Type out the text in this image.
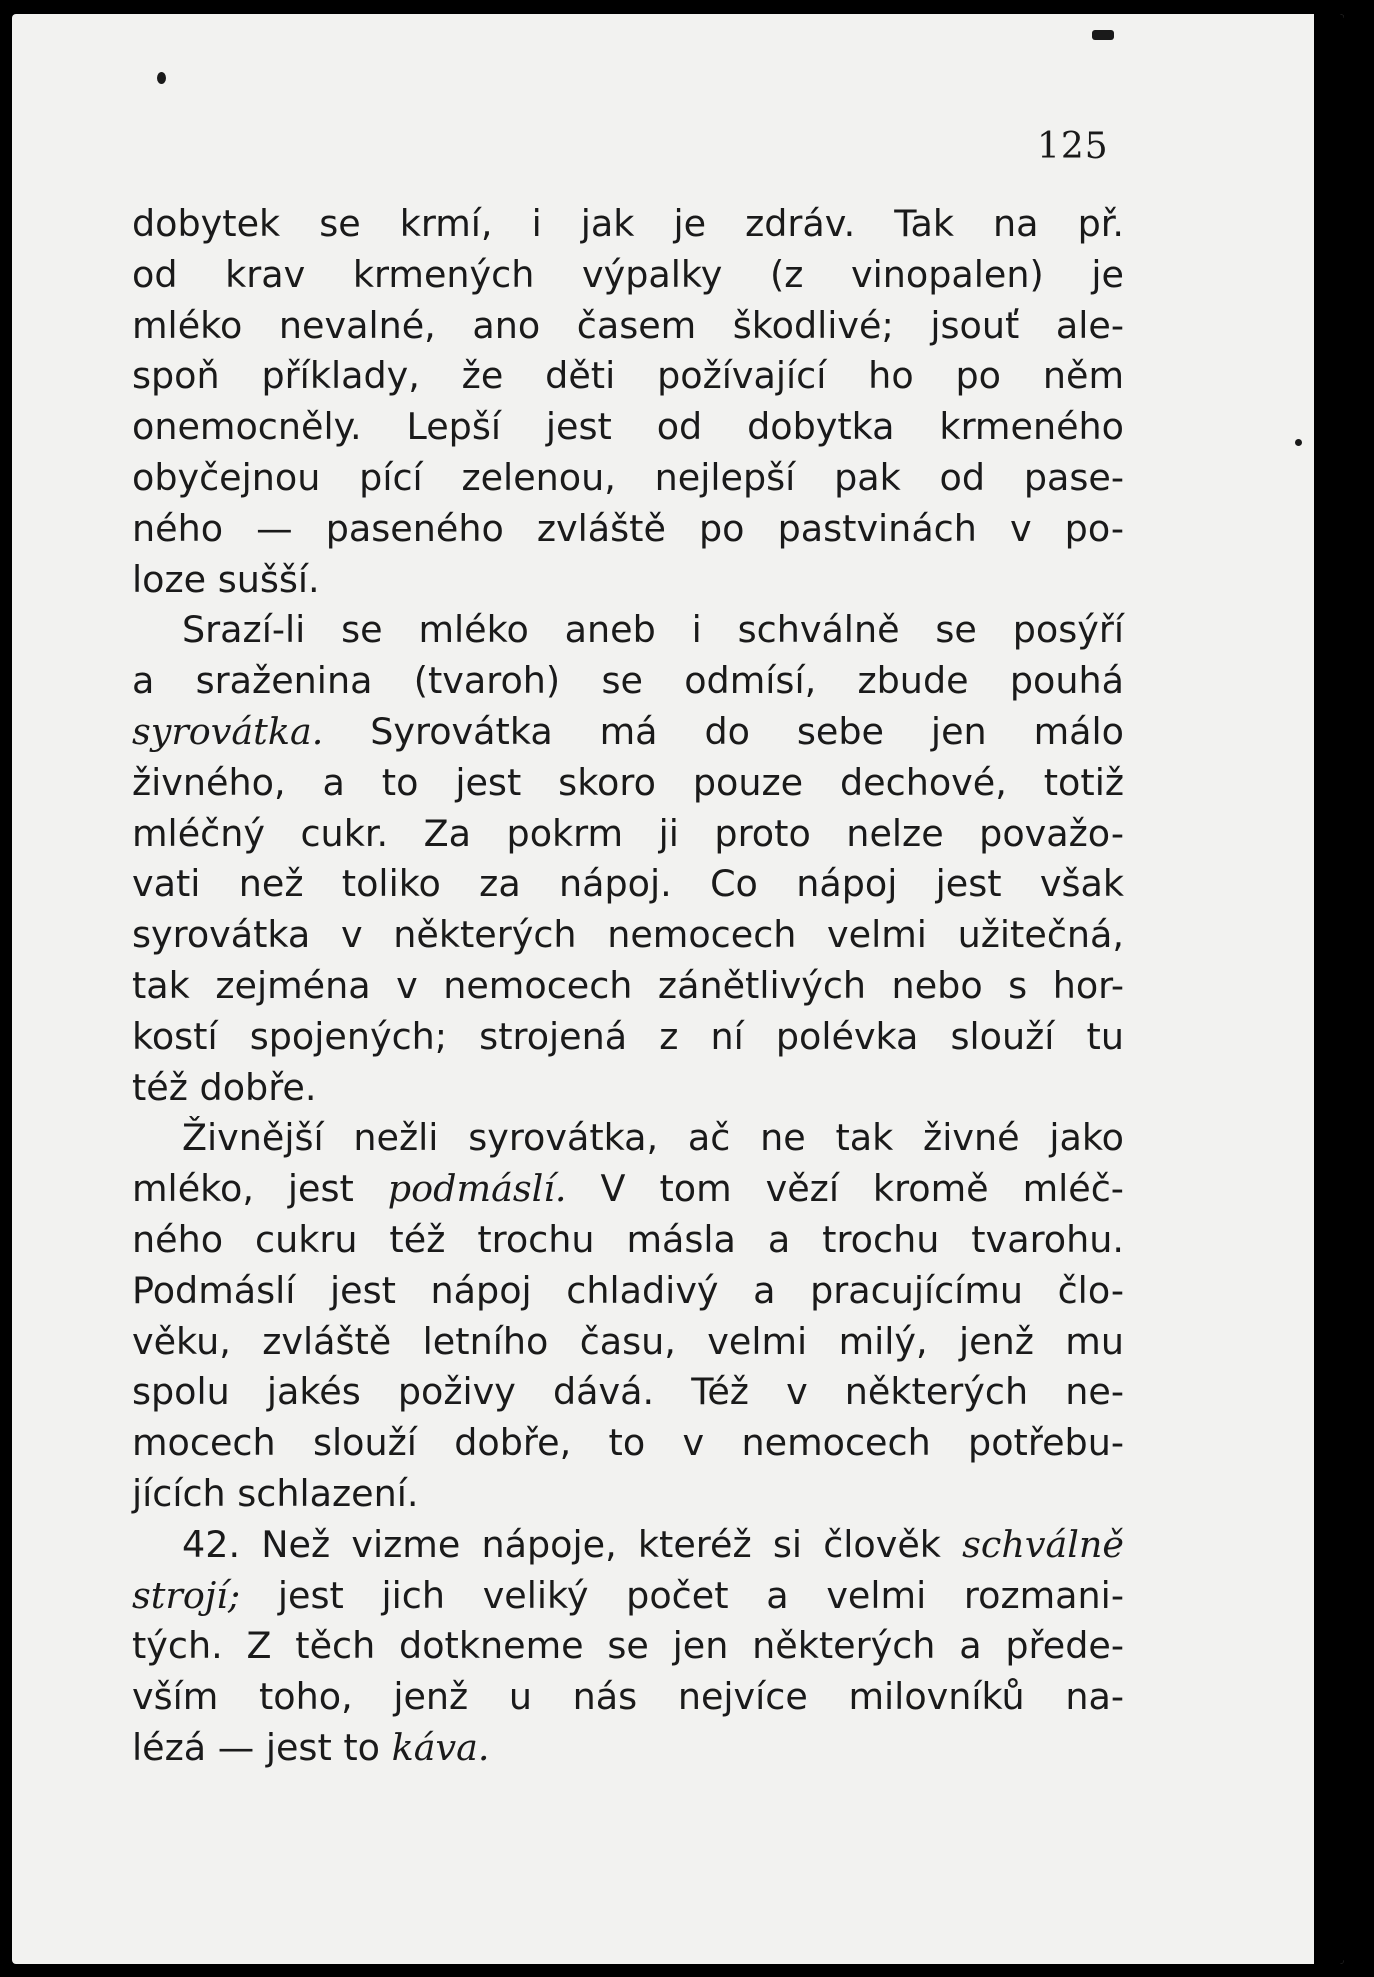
125
dobytek se krmí, i jak je zdráv. Tak na př.
od krav krmených výpalky (z vinopalen) je
mléko nevalné, ano časem škodlivé; jsouť ale-
spoň příklady, že děti požívající ho po něm
onemocněly. Lepší jest od dobytka krmeného
obyčejnou pící zelenou, nejlepší pak od pase-
ného — paseného zvláště po pastvinách v po-
loze sušší.
Srazí-li se mléko aneb i schválně se posýří
a sraženina (tvaroh) se odmísí, zbude pouhá
syrovátka. Syrovátka má do sebe jen málo
živného, a to jest skoro pouze dechové, totiž
mléčný cukr. Za pokrm ji proto nelze považo-
vati než toliko za nápoj. Co nápoj jest však
syrovátka v některých nemocech velmi užitečná,
tak zejména v nemocech zánětlivých nebo s hor-
kostí spojených; strojená z ní polévka slouží tu
též dobře.
Živnější nežli syrovátka, ač ne tak živné jako
mléko, jest podmáslí. V tom vězí kromě mléč-
ného cukru též trochu másla a trochu tvarohu.
Podmáslí jest nápoj chladivý a pracujícímu člo-
věku, zvláště letního času, velmi milý, jenž mu
spolu jakés poživy dává. Též v některých ne-
mocech slouží dobře, to v nemocech potřebu-
jících schlazení.
42. Než vizme nápoje, kteréž si člověk schválně
strojí; jest jich veliký počet a velmi rozmani-
tých. Z těch dotkneme se jen některých a přede-
vším toho, jenž u nás nejvíce milovníků na-
lézá — jest to káva.
